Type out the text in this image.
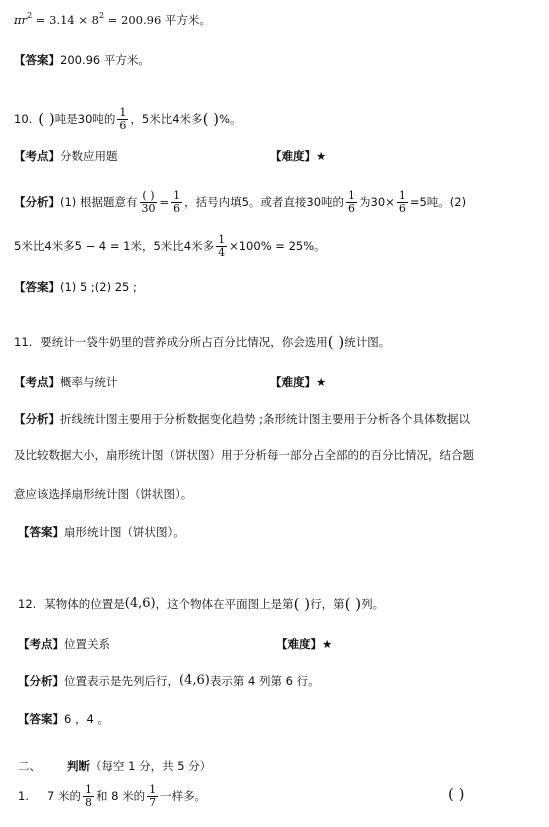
$\pi r^2 = 3.14 \times 8^2 = 200.96$ 平方米。
【答案】200.96 平方米。
10. ( ) 吨是30吨的 $\frac{1}{6}$ ，5米比4米多 ( ) %。
【考点】分数应用题	【难度】★
【分析】 (1) 根据题意有 $\frac{( )}{30} = \frac{1}{6}$ ，括号内填5。或者直接30吨的 $\frac{1}{6}$ 为$30\times \frac{1}{6} =5$吨。(2)
5米比4米多5 − 4 = 1米，5米比4米多 $\frac{1}{4} \times 100\% = 25\%$。
【答案】(1) 5 ;(2) 25 ;
11. 要统计一袋牛奶里的营养成分所占百分比情况，你会选用 ( ) 统计图。
【考点】概率与统计	【难度】★
【分析】折线统计图主要用于分析数据变化趋势 ;条形统计图主要用于分析各个具体数据以
及比较数据大小，扇形统计图（饼状图）用于分析每一部分占全部的的百分比情况，结合题
意应该选择扇形统计图（饼状图）。
【答案】扇形统计图（饼状图）。
12. 某物体的位置是 (4,6) ，这个物体在平面图上是第 ( ) 行，第 ( ) 列。
【考点】位置关系	【难度】★
【分析】 位置表示是先列后行， (4,6) 表示第 4 列第 6 行。
【答案】6 ，4 。
二、 判断 （每空 1 分，共 5 分）
1. 7 米的 $\frac{1}{8}$ 和 8 米的 $\frac{1}{7}$ 一样多。	( )
